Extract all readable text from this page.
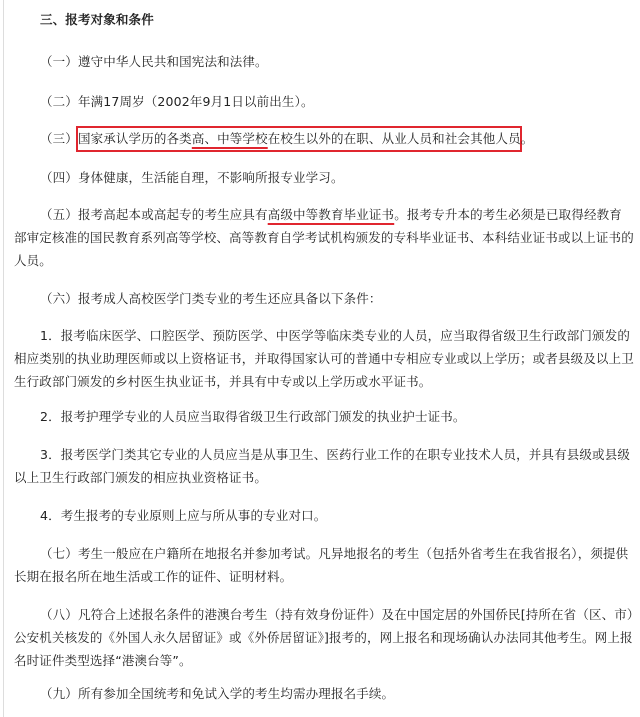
三、报考对象和条件

（一）遵守中华人民共和国宪法和法律。

（二）年满17周岁（2002年9月1日以前出生）。

（三）国家承认学历的各类高、中等学校在校生以外的在职、从业人员和社会其他人员。

（四）身体健康，生活能自理，不影响所报专业学习。

（五）报考高起本或高起专的考生应具有高级中等教育毕业证书。报考专升本的考生必须是已取得经教育部审定核准的国民教育系列高等学校、高等教育自学考试机构颁发的专科毕业证书、本科结业证书或以上证书的人员。

（六）报考成人高校医学门类专业的考生还应具备以下条件：

1．报考临床医学、口腔医学、预防医学、中医学等临床类专业的人员，应当取得省级卫生行政部门颁发的相应类别的执业助理医师或以上资格证书，并取得国家认可的普通中专相应专业或以上学历；或者县级及以上卫生行政部门颁发的乡村医生执业证书，并具有中专或以上学历或水平证书。

2．报考护理学专业的人员应当取得省级卫生行政部门颁发的执业护士证书。

3．报考医学门类其它专业的人员应当是从事卫生、医药行业工作的在职专业技术人员，并具有县级或县级以上卫生行政部门颁发的相应执业资格证书。

4．考生报考的专业原则上应与所从事的专业对口。

（七）考生一般应在户籍所在地报名并参加考试。凡异地报名的考生（包括外省考生在我省报名），须提供长期在报名所在地生活或工作的证件、证明材料。

（八）凡符合上述报名条件的港澳台考生（持有效身份证件）及在中国定居的外国侨民[持所在省（区、市）公安机关核发的《外国人永久居留证》或《外侨居留证》]报考的，网上报名和现场确认办法同其他考生。网上报名时证件类型选择“港澳台等”。

（九）所有参加全国统考和免试入学的考生均需办理报名手续。
